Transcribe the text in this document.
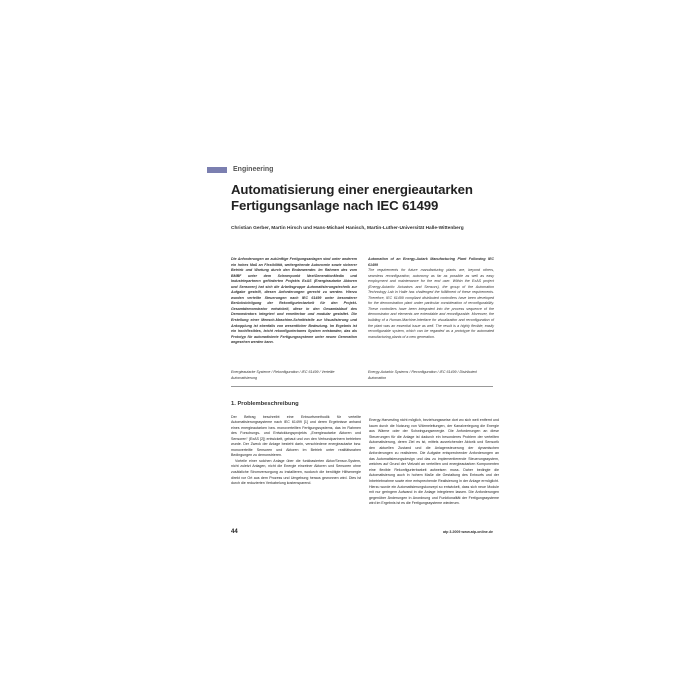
Engineering
Automatisierung einer energieautarken Fertigungsanlage nach IEC 61499
Christian Gerber, Martin Hirsch und Hans-Michael Hanisch, Martin-Luther-Universität Halle-Wittenberg
Die Anforderungen an zukünftige Fertigungsanlagen sind unter anderem ein hohes Maß an Flexibilität, weitergehende Autonomie sowie sicherer Betrieb und Wartung durch den Endanwender. Im Rahmen des vom BMBF unter dem Schwerpunkt NextGenerationMedia und Industriepartnern geförderten Projekts ExAS (Energieautarke Aktoren und Sensoren) hat sich die Arbeitsgruppe Automatisierungstechnik zur Aufgabe gestellt, diesen Anforderungen gerecht zu werden. Hierzu wurden verteilte Steuerungen nach IEC 61499 unter besonderer Berücksichtigung der Rekonfigurierbarkeit für den Projekt-Gesamtdemonstrator entwickelt, diese in den Gesamtablauf des Demonstrators integriert und erweiterbar und modular gestaltet. Die Erstellung einer Mensch-Maschine-Schnittstelle zur Visualisierung und Ankopplung ist ebenfalls von wesentlicher Bedeutung. Im Ergebnis ist ein hochflexibles, leicht rekonfigurierbares System entstanden, das als Prototyp für automatisierte Fertigungssysteme unter neuen Generation angesehen werden kann.
Automation of an Energy-Autark Manufacturing Plant Following IEC 61499
The requirements for future manufacturing plants are, beyond others, seamless reconfiguration, autonomy as far as possible as well as easy employment and maintenance for the end user. Within the ExAS project (Energy-Autarkic Actuators and Sensors), the group of the Automation Technology Lab in Halle has challenged the fulfillment of these requirements. Therefore, IEC 61499 compliant distributed controllers have been developed for the demonstration plant under particular consideration of reconfigurability. These controllers have been integrated into the process sequence of the demonstrator and elements are extendable and reconfigurable. Moreover, the building of a Human-Machine-Interface for visualization and reconfiguration of the plant was an essential issue as well. The result is a highly flexible, easily reconfigurable system, which can be regarded as a prototype for automated manufacturing plants of a new generation.
Energieautarke Systeme / Rekonfiguration / IEC 61499 / Verteilte Automatisierung
Energy-Autarkic Systems / Reconfiguration / IEC 61499 / Distributed Automation
1. Problembeschreibung

Der Beitrag beschreibt eine Entwurfsmethodik für verteilte Automatisierungssysteme nach IEC 61499 [1] und deren Ergebnisse anhand eines energieautarken bzw. monoverteilten Fertigungssystems, das im Rahmen des Forschungs- und Entwicklungsprojekts „Energieautarke Aktoren und Sensoren“ (ExAS [2]) entwickelt, gebaut und von den Verbundpartnern betrieben wurde. Der Zweck der Anlage besteht darin, verschiedene energieautarke bzw. monoverteilte Sensoren und Aktoren im Betrieb unter realitätsnahen Bedingungen zu demonstrieren.

Vorteile einer solchen Anlage über die funkbasierten Aktor/Sensor-System, nicht zuletzt Anlagen, nicht die Energie einzelner Aktoren und Sensoren ohne zusätzliche Stromversorgung zu installieren, wodurch die benötigte Hilfsenergie direkt vor Ort aus dem Prozess und Umgebung heraus gewonnen wird. Dies ist durch die reduzierten Verkabelung kostensparend.

Energy-Harvesting nicht möglich, beziehungsweise dort wo sich weit entfernt und kaum durch die Nutzung von Wärmeleitungen, der Kanalverlegung die Energie aus Wärme oder der Schwingungsenergie. Die Anforderungen an diese Steuerungen für die Anlage ist dadurch ein besonderes Problem der verteilten Automatisierung, deren Ziel es ist, mittels ausreichender Aktorik und Sensorik den aktuellen Zustand und die Anlagensteuerung der dynamischen Anforderungen zu realisieren. Die Aufgabe entsprechender Anforderungen an das Automatisierungsdesign und das zu implementierende Steuerungssystem, welches auf Grund der Vielzahl an verteilten und energieautarken Komponenten eine flexible Rekonfigurierbarkeit aufweisen muss. Daher bedingte die Automatisierung auch in hohem Maße die Gestaltung des Entwurfs und der Inbetriebnahme sowie eine entsprechende Realisierung in der Anlage ermöglicht. Hierzu wurde ein Automatisierungskonzept so entwickelt, dass sich neue Module mit nur geringem Aufwand in die Anlage integrieren lassen. Die Anforderungen gegenüber Änderungen in Anordnung und Funktionalität der Fertigungssysteme wird im Ergebnis ist es die Fertigungssysteme wiederum.

44	atp 3.2009 www.atp-online.de
